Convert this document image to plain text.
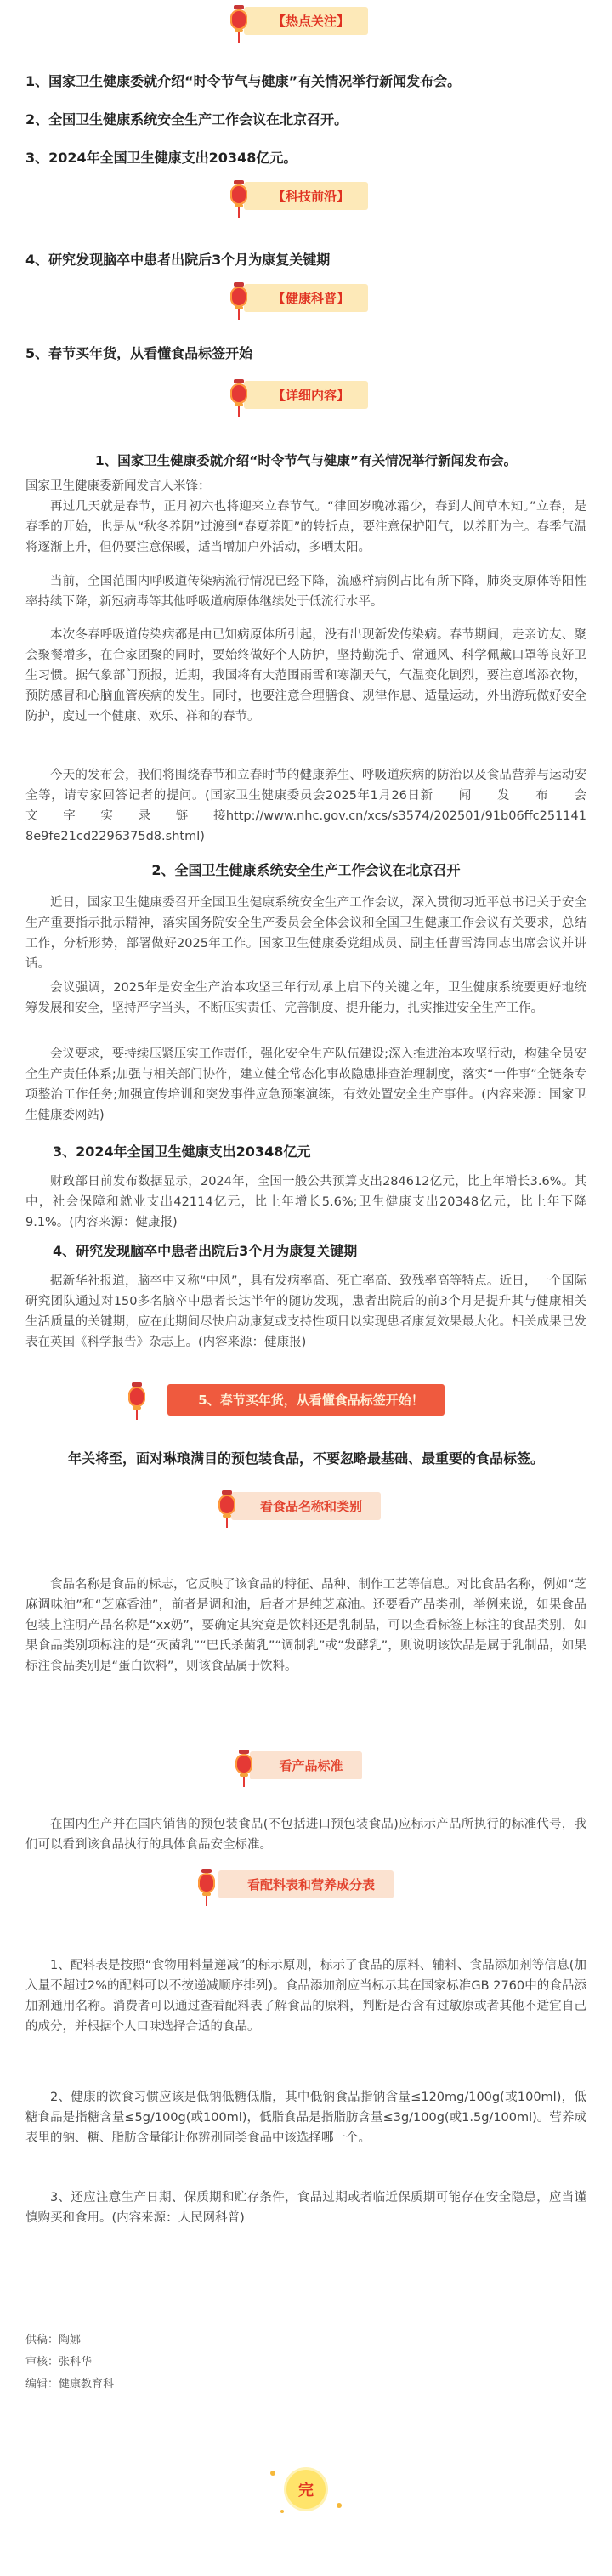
【热点关注】
1、国家卫生健康委就介绍“时令节气与健康”有关情况举行新闻发布会。
2、全国卫生健康系统安全生产工作会议在北京召开。
3、2024年全国卫生健康支出20348亿元。
【科技前沿】
4、研究发现脑卒中患者出院后3个月为康复关键期
【健康科普】
5、春节买年货，从看懂食品标签开始
【详细内容】
1、国家卫生健康委就介绍“时令节气与健康”有关情况举行新闻发布会。
国家卫生健康委新闻发言人米锋：
再过几天就是春节，正月初六也将迎来立春节气。“律回岁晚冰霜少，春到人间草木知。”立春，是春季的开始，也是从“秋冬养阴”过渡到“春夏养阳”的转折点，要注意保护阳气，以养肝为主。春季气温将逐渐上升，但仍要注意保暖，适当增加户外活动，多晒太阳。
当前，全国范围内呼吸道传染病流行情况已经下降，流感样病例占比有所下降，肺炎支原体等阳性率持续下降，新冠病毒等其他呼吸道病原体继续处于低流行水平。
本次冬春呼吸道传染病都是由已知病原体所引起，没有出现新发传染病。春节期间，走亲访友、聚会聚餐增多，在合家团聚的同时，要始终做好个人防护，坚持勤洗手、常通风、科学佩戴口罩等良好卫生习惯。据气象部门预报，近期，我国将有大范围雨雪和寒潮天气，气温变化剧烈，要注意增添衣物，预防感冒和心脑血管疾病的发生。同时，也要注意合理膳食、规律作息、适量运动，外出游玩做好安全防护，度过一个健康、欢乐、祥和的春节。
今天的发布会，我们将围绕春节和立春时节的健康养生、呼吸道疾病的防治以及食品营养与运动安全等，请专家回答记者的提问。(国家卫生健康委员会2025年1月26日新　　闻　　发　　布　　会　　文　　字　　实　　录　　链　　接http://www.nhc.gov.cn/xcs/s3574/202501/91b06ffc2511418e9fe21cd2296375d8.shtml)
2、全国卫生健康系统安全生产工作会议在北京召开
近日，国家卫生健康委召开全国卫生健康系统安全生产工作会议，深入贯彻习近平总书记关于安全生产重要指示批示精神，落实国务院安全生产委员会全体会议和全国卫生健康工作会议有关要求，总结工作，分析形势，部署做好2025年工作。国家卫生健康委党组成员、副主任曹雪涛同志出席会议并讲话。
会议强调，2025年是安全生产治本攻坚三年行动承上启下的关键之年，卫生健康系统要更好地统筹发展和安全，坚持严字当头，不断压实责任、完善制度、提升能力，扎实推进安全生产工作。
会议要求，要持续压紧压实工作责任，强化安全生产队伍建设;深入推进治本攻坚行动，构建全员安全生产责任体系;加强与相关部门协作，建立健全常态化事故隐患排查治理制度，落实“一件事”全链条专项整治工作任务;加强宣传培训和突发事件应急预案演练，有效处置安全生产事件。(内容来源：国家卫生健康委网站)
3、2024年全国卫生健康支出20348亿元
财政部日前发布数据显示，2024年，全国一般公共预算支出284612亿元，比上年增长3.6%。其中，社会保障和就业支出42114亿元，比上年增长5.6%;卫生健康支出20348亿元，比上年下降9.1%。(内容来源：健康报)
4、研究发现脑卒中患者出院后3个月为康复关键期
据新华社报道，脑卒中又称“中风”，具有发病率高、死亡率高、致残率高等特点。近日，一个国际研究团队通过对150多名脑卒中患者长达半年的随访发现，患者出院后的前3个月是提升其与健康相关生活质量的关键期，应在此期间尽快启动康复或支持性项目以实现患者康复效果最大化。相关成果已发表在英国《科学报告》杂志上。(内容来源：健康报)
5、春节买年货，从看懂食品标签开始！
年关将至，面对琳琅满目的预包装食品，不要忽略最基础、最重要的食品标签。
看食品名称和类别
食品名称是食品的标志，它反映了该食品的特征、品种、制作工艺等信息。对比食品名称，例如“芝麻调味油”和“芝麻香油”，前者是调和油，后者才是纯芝麻油。还要看产品类别，举例来说，如果食品包装上注明产品名称是“xx奶”，要确定其究竟是饮料还是乳制品，可以查看标签上标注的食品类别，如果食品类别项标注的是“灭菌乳”“巴氏杀菌乳”“调制乳”或“发酵乳”，则说明该饮品是属于乳制品，如果标注食品类别是“蛋白饮料”，则该食品属于饮料。
看产品标准
在国内生产并在国内销售的预包装食品(不包括进口预包装食品)应标示产品所执行的标准代号，我们可以看到该食品执行的具体食品安全标准。
看配料表和营养成分表
1、配料表是按照“食物用料量递减”的标示原则，标示了食品的原料、辅料、食品添加剂等信息(加入量不超过2%的配料可以不按递减顺序排列)。食品添加剂应当标示其在国家标准GB 2760中的食品添加剂通用名称。消费者可以通过查看配料表了解食品的原料，判断是否含有过敏原或者其他不适宜自己的成分，并根据个人口味选择合适的食品。
2、健康的饮食习惯应该是低钠低糖低脂，其中低钠食品指钠含量≤120mg/100g(或100ml)，低糖食品是指糖含量≤5g/100g(或100ml)，低脂食品是指脂肪含量≤3g/100g(或1.5g/100ml)。营养成表里的钠、糖、脂肪含量能让你辨别同类食品中该选择哪一个。
3、还应注意生产日期、保质期和贮存条件，食品过期或者临近保质期可能存在安全隐患，应当谨慎购买和食用。(内容来源：人民网科普)
供稿：陶娜
审核：张科华
编辑：健康教育科
完
